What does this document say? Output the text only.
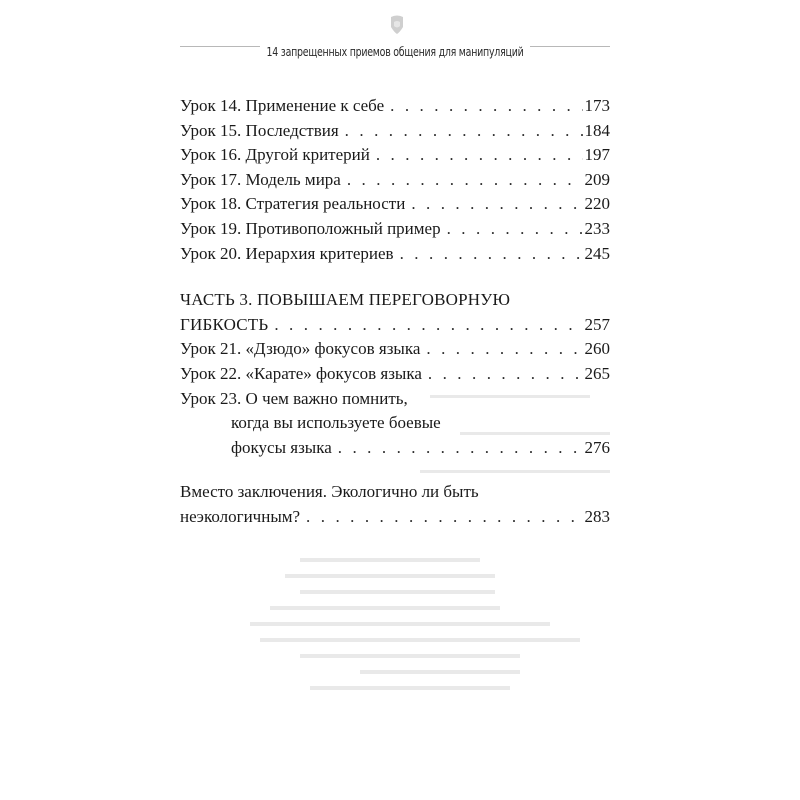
14 запрещенных приемов общения для манипуляций
Урок 14. Применение к себе . . .	173
Урок 15. Последствия . . .	184
Урок 16. Другой критерий . . .	197
Урок 17. Модель мира . . .	209
Урок 18. Стратегия реальности . . .	220
Урок 19. Противоположный пример . . .	233
Урок 20. Иерархия критериев . . .	245
ЧАСТЬ 3. ПОВЫШАЕМ ПЕРЕГОВОРНУЮ
ГИБКОСТЬ . . .	257
Урок 21. «Дзюдо» фокусов языка . . .	260
Урок 22. «Карате» фокусов языка . . .	265
Урок 23. О чем важно помнить,
когда вы используете боевые
фокусы языка . . .	276
Вместо заключения. Экологично ли быть
неэкологичным? . . .	283
